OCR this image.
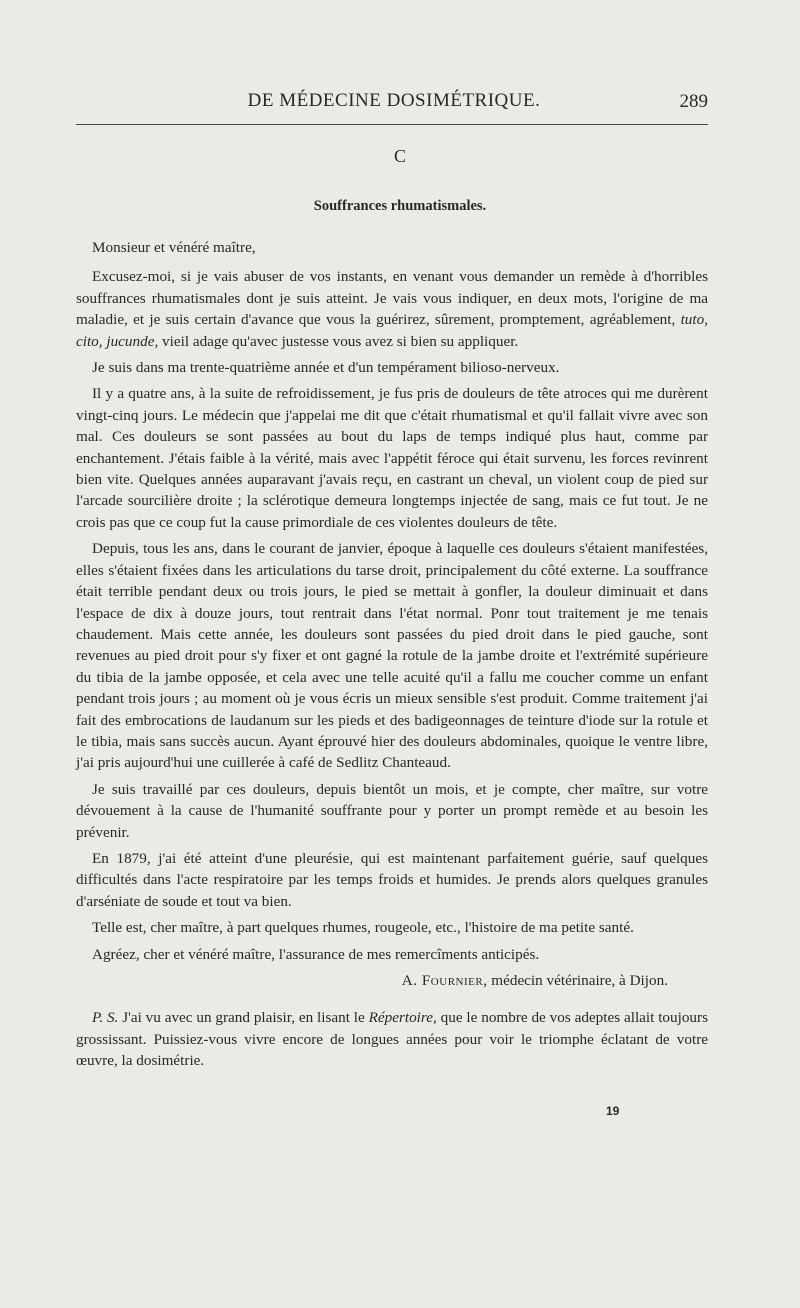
DE MÉDECINE DOSIMÉTRIQUE.	289
C
Souffrances rhumatismales.

Monsieur et vénéré maître,

Excusez-moi, si je vais abuser de vos instants, en venant vous demander un remède à d'horribles souffrances rhumatismales dont je suis atteint. Je vais vous indiquer, en deux mots, l'origine de ma maladie, et je suis certain d'avance que vous la guérirez, sûrement, promptement, agréablement, tuto, cito, jucunde, vieil adage qu'avec justesse vous avez si bien su appliquer.

Je suis dans ma trente-quatrième année et d'un tempérament bilioso-nerveux.

Il y a quatre ans, à la suite de refroidissement, je fus pris de douleurs de tête atroces qui me durèrent vingt-cinq jours. Le médecin que j'appelai me dit que c'était rhumatismal et qu'il fallait vivre avec son mal. Ces douleurs se sont passées au bout du laps de temps indiqué plus haut, comme par enchantement. J'étais faible à la vérité, mais avec l'appétit féroce qui était survenu, les forces revinrent bien vite. Quelques années auparavant j'avais reçu, en castrant un cheval, un violent coup de pied sur l'arcade sourcilière droite ; la sclérotique demeura longtemps injectée de sang, mais ce fut tout. Je ne crois pas que ce coup fut la cause primordiale de ces violentes douleurs de tête.

Depuis, tous les ans, dans le courant de janvier, époque à laquelle ces douleurs s'étaient manifestées, elles s'étaient fixées dans les articulations du tarse droit, principalement du côté externe. La souffrance était terrible pendant deux ou trois jours, le pied se mettait à gonfler, la douleur diminuait et dans l'espace de dix à douze jours, tout rentrait dans l'état normal. Ponr tout traitement je me tenais chaudement. Mais cette année, les douleurs sont passées du pied droit dans le pied gauche, sont revenues au pied droit pour s'y fixer et ont gagné la rotule de la jambe droite et l'extrémité supérieure du tibia de la jambe opposée, et cela avec une telle acuité qu'il a fallu me coucher comme un enfant pendant trois jours ; au moment où je vous écris un mieux sensible s'est produit. Comme traitement j'ai fait des embrocations de laudanum sur les pieds et des badigeonnages de teinture d'iode sur la rotule et le tibia, mais sans succès aucun. Ayant éprouvé hier des douleurs abdominales, quoique le ventre libre, j'ai pris aujourd'hui une cuillerée à café de Sedlitz Chanteaud.

Je suis travaillé par ces douleurs, depuis bientôt un mois, et je compte, cher maître, sur votre dévouement à la cause de l'humanité souffrante pour y porter un prompt remède et au besoin les prévenir.

En 1879, j'ai été atteint d'une pleurésie, qui est maintenant parfaitement guérie, sauf quelques difficultés dans l'acte respiratoire par les temps froids et humides. Je prends alors quelques granules d'arséniate de soude et tout va bien.

Telle est, cher maître, à part quelques rhumes, rougeole, etc., l'histoire de ma petite santé.

Agréez, cher et vénéré maître, l'assurance de mes remercîments anticipés.

A. Fournier, médecin vétérinaire, à Dijon.

P. S. J'ai vu avec un grand plaisir, en lisant le Répertoire, que le nombre de vos adeptes allait toujours grossissant. Puissiez-vous vivre encore de longues années pour voir le triomphe éclatant de votre œuvre, la dosimétrie.

19
